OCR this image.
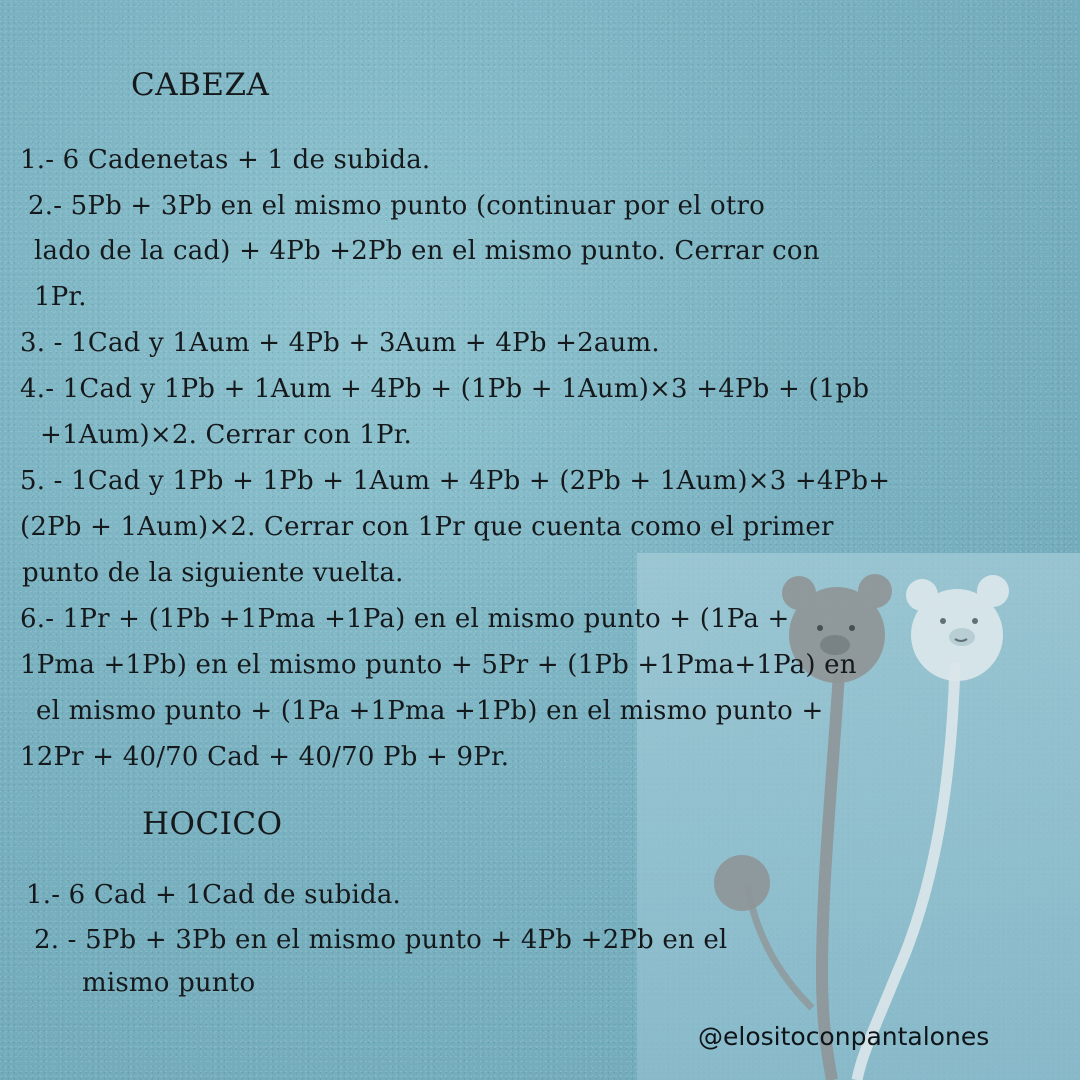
CABEZA
1.- 6 Cadenetas + 1 de subida.
2.- 5Pb + 3Pb en el mismo punto (continuar por el otro
lado de la cad) + 4Pb +2Pb en el mismo punto. Cerrar con
1Pr.
3. - 1Cad y 1Aum + 4Pb + 3Aum + 4Pb +2aum.
4.- 1Cad y 1Pb + 1Aum + 4Pb + (1Pb + 1Aum)×3 +4Pb + (1pb
+1Aum)×2. Cerrar con 1Pr.
5. - 1Cad y 1Pb + 1Pb + 1Aum + 4Pb + (2Pb + 1Aum)×3 +4Pb+
(2Pb + 1Aum)×2. Cerrar con 1Pr que cuenta como el primer
punto de la siguiente vuelta.
6.- 1Pr + (1Pb +1Pma +1Pa) en el mismo punto + (1Pa +
1Pma +1Pb) en el mismo punto + 5Pr + (1Pb +1Pma+1Pa) en
el mismo punto + (1Pa +1Pma +1Pb) en el mismo punto +
12Pr + 40/70 Cad + 40/70 Pb + 9Pr.
HOCICO
1.- 6 Cad + 1Cad de subida.
2. - 5Pb + 3Pb en el mismo punto + 4Pb +2Pb en el
mismo punto
@elositoconpantalones
